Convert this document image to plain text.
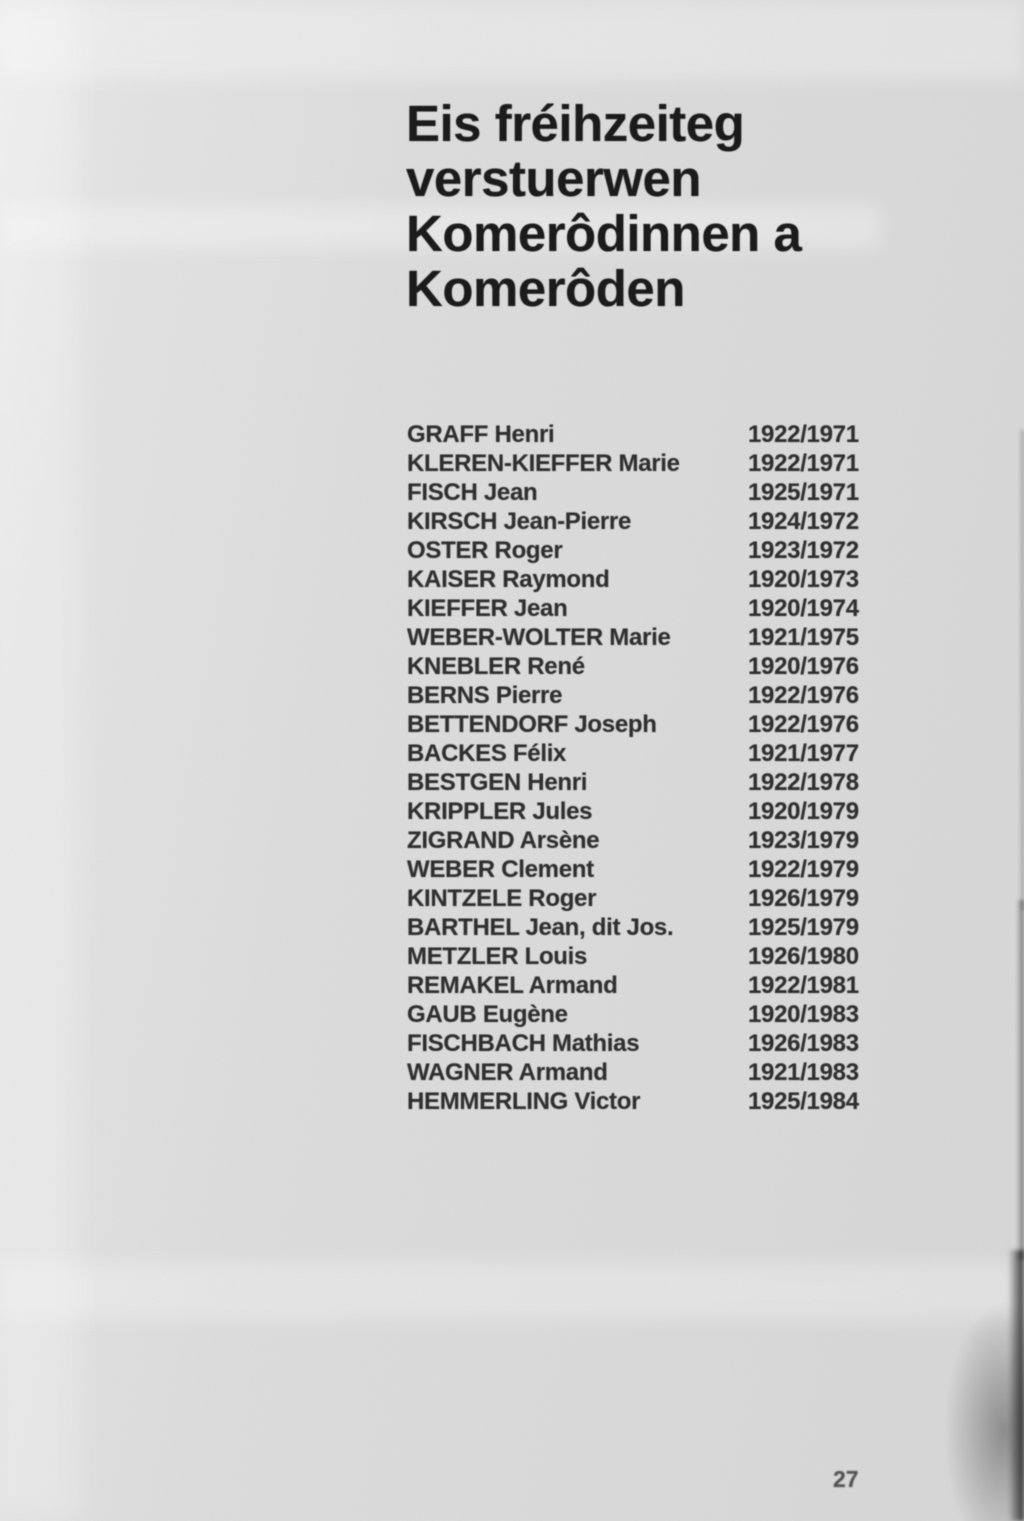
Eis fréihzeiteg
verstuerwen
Komerôdinnen a
Komerôden
GRAFF Henri	1922/1971
KLEREN-KIEFFER Marie	1922/1971
FISCH Jean	1925/1971
KIRSCH Jean-Pierre	1924/1972
OSTER Roger	1923/1972
KAISER Raymond	1920/1973
KIEFFER Jean	1920/1974
WEBER-WOLTER Marie	1921/1975
KNEBLER René	1920/1976
BERNS Pierre	1922/1976
BETTENDORF Joseph	1922/1976
BACKES Félix	1921/1977
BESTGEN Henri	1922/1978
KRIPPLER Jules	1920/1979
ZIGRAND Arsène	1923/1979
WEBER Clement	1922/1979
KINTZELE Roger	1926/1979
BARTHEL Jean, dit Jos.	1925/1979
METZLER Louis	1926/1980
REMAKEL Armand	1922/1981
GAUB Eugène	1920/1983
FISCHBACH Mathias	1926/1983
WAGNER Armand	1921/1983
HEMMERLING Victor	1925/1984
27
